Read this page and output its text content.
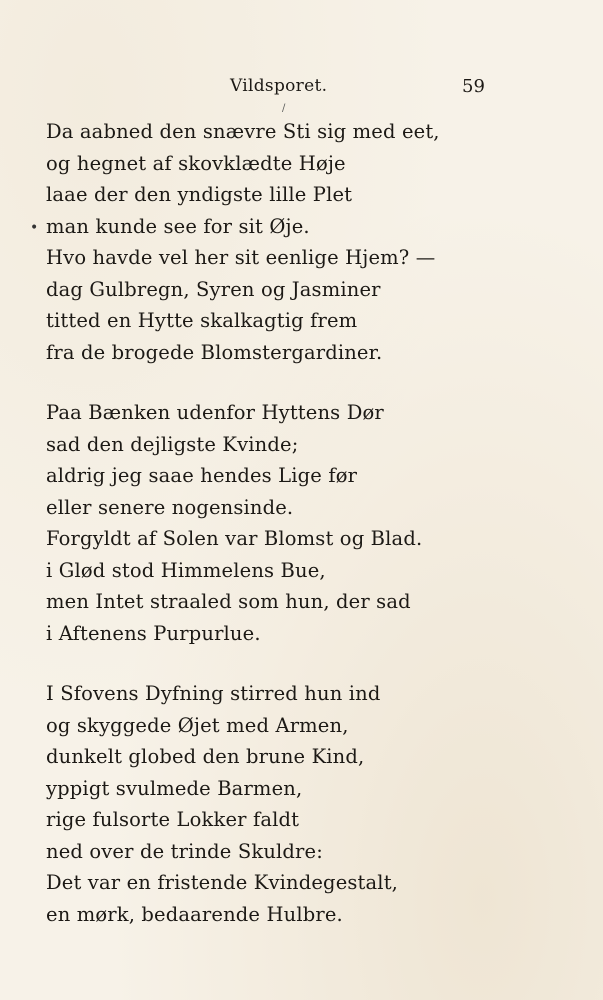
Vildsporet.	59
/
•
Da aabned den snævre Sti sig med eet,
og hegnet af skovklædte Høje
laae der den yndigste lille Plet
man kunde see for sit Øje.
Hvo havde vel her sit eenlige Hjem? —
dag Gulbregn, Syren og Jasminer
titted en Hytte skalkagtig frem
fra de brogede Blomstergardiner.
Paa Bænken udenfor Hyttens Dør
sad den dejligste Kvinde;
aldrig jeg saae hendes Lige før
eller senere nogensinde.
Forgyldt af Solen var Blomst og Blad.
i Glød stod Himmelens Bue,
men Intet straaled som hun, der sad
i Aftenens Purpurlue.
I Sfovens Dyfning stirred hun ind
og skyggede Øjet med Armen,
dunkelt globed den brune Kind,
yppigt svulmede Barmen,
rige fulsorte Lokker faldt
ned over de trinde Skuldre:
Det var en fristende Kvindegestalt,
en mørk, bedaarende Hulbre.
